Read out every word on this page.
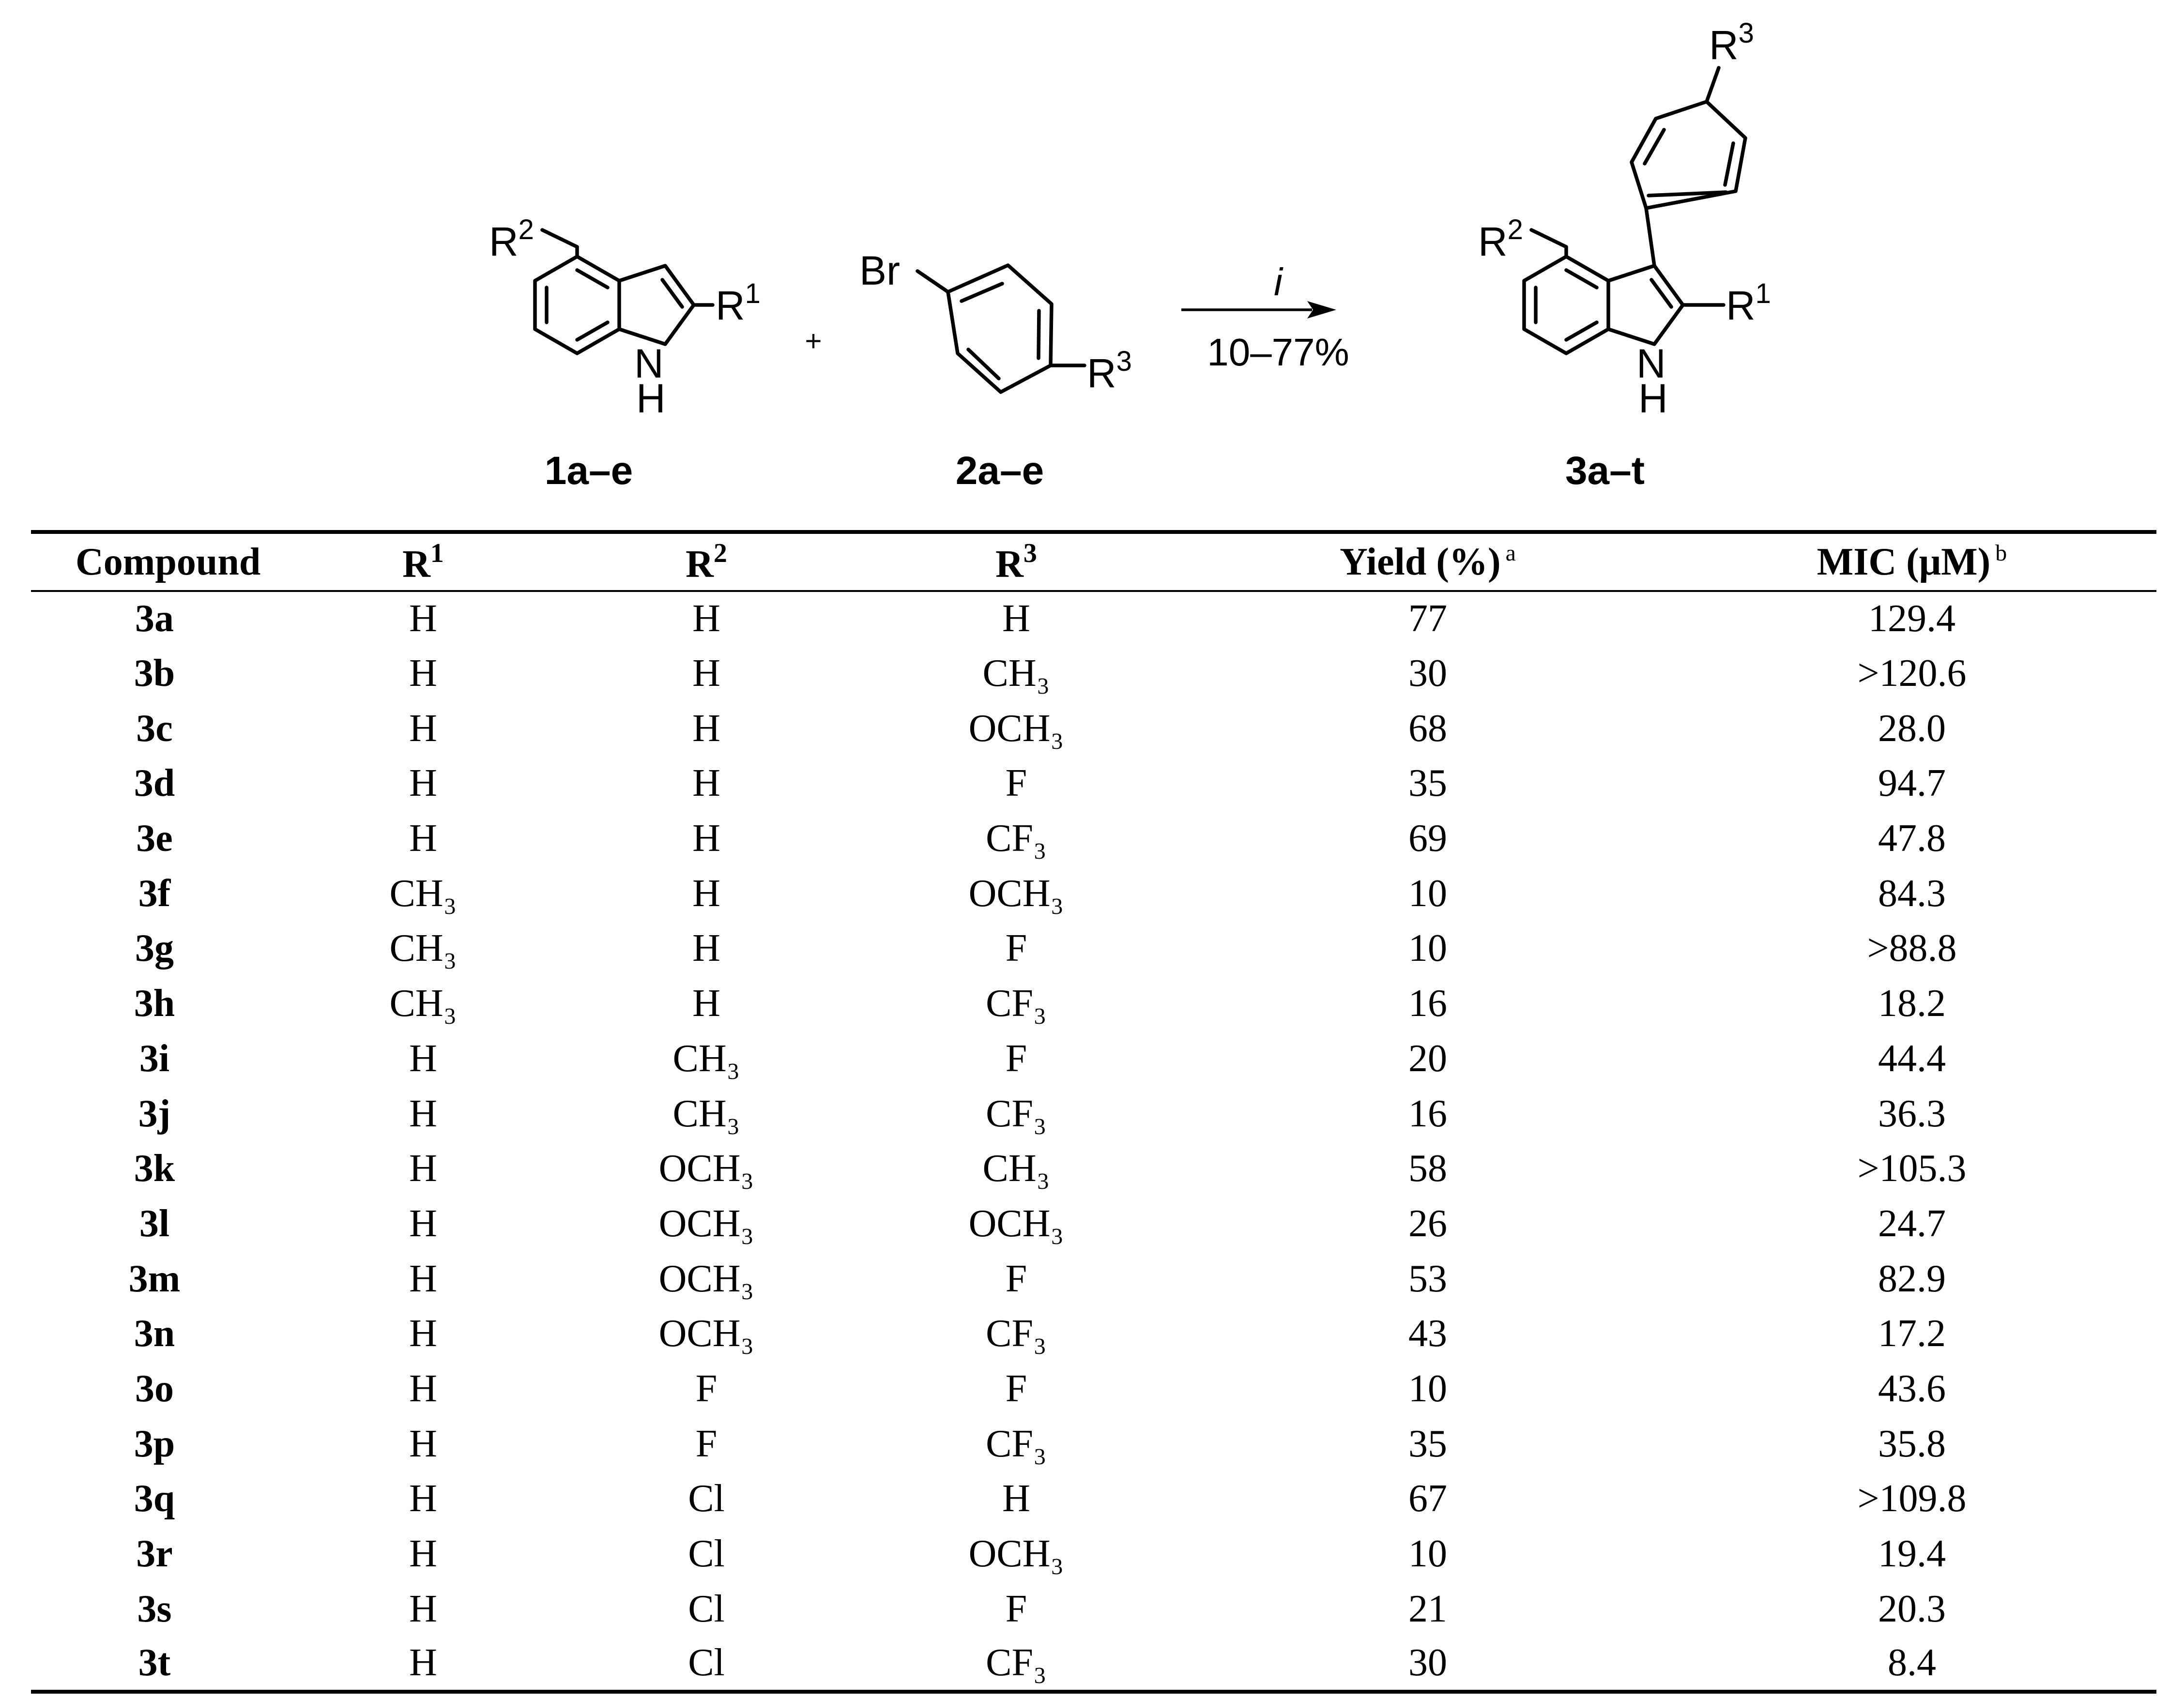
$R^2$
$R^1$
N
H
1a–e
+
Br
$R^3$
2a–e
i
10–77%
$R^3$
$R^2$
$R^1$
N
H
3a–t
Compound	$R^1$	$R^2$	$R^3$	Yield (%) $^a$	MIC (μM) $^b$
3a	H	H	H	77	129.4
3b	H	H	CH₃	30	>120.6
3c	H	H	OCH₃	68	28.0
3d	H	H	F	35	94.7
3e	H	H	CF₃	69	47.8
3f	CH₃	H	OCH₃	10	84.3
3g	CH₃	H	F	10	>88.8
3h	CH₃	H	CF₃	16	18.2
3i	H	CH₃	F	20	44.4
3j	H	CH₃	CF₃	16	36.3
3k	H	OCH₃	CH₃	58	>105.3
3l	H	OCH₃	OCH₃	26	24.7
3m	H	OCH₃	F	53	82.9
3n	H	OCH₃	CF₃	43	17.2
3o	H	F	F	10	43.6
3p	H	F	CF₃	35	35.8
3q	H	Cl	H	67	>109.8
3r	H	Cl	OCH₃	10	19.4
3s	H	Cl	F	21	20.3
3t	H	Cl	CF₃	30	8.4
